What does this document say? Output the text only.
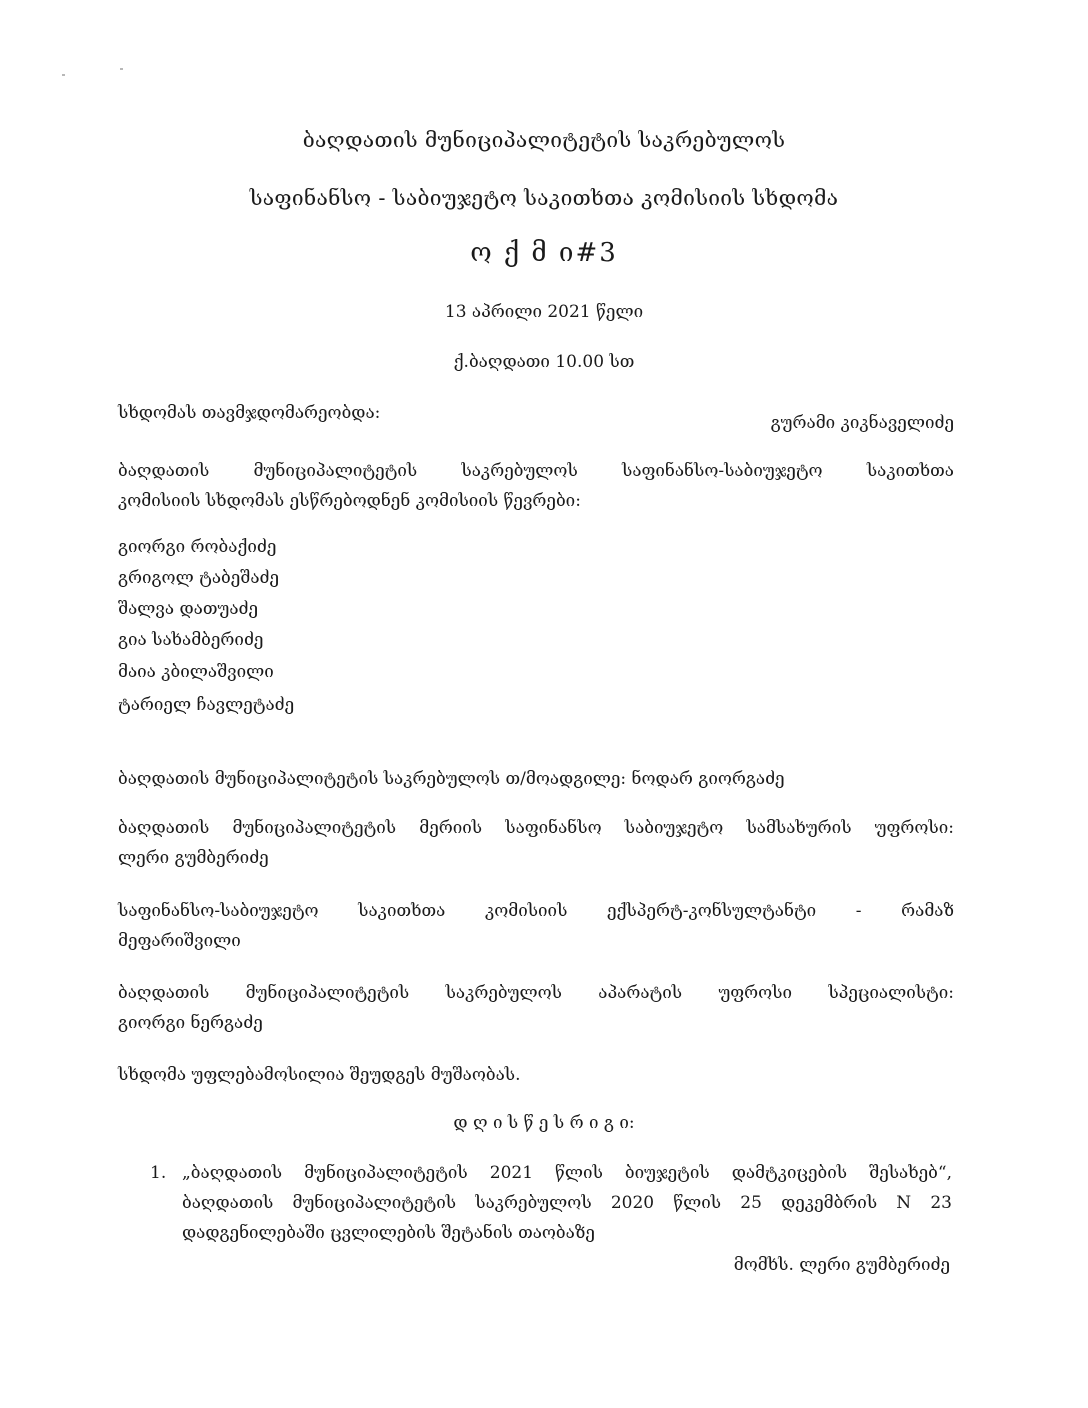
ბაღდათის მუნიციპალიტეტის საკრებულოს
საფინანსო - საბიუჯეტო საკითხთა კომისიის სხდომა
ო ქ მ ი#3
13 აპრილი 2021 წელი
ქ.ბაღდათი 10.00 სთ
სხდომას თავმჯდომარეობდა:	გურამი კიკნაველიძე
ბაღდათის მუნიციპალიტეტის საკრებულოს საფინანსო-საბიუჯეტო საკითხთა
კომისიის სხდომას ესწრებოდნენ კომისიის წევრები:
გიორგი რობაქიძე
გრიგოლ ტაბეშაძე
შალვა დათუაძე
გია სახამბერიძე
მაია კბილაშვილი
ტარიელ ჩავლეტაძე
ბაღდათის მუნიციპალიტეტის საკრებულოს თ/მოადგილე: ნოდარ გიორგაძე
ბაღდათის მუნიციპალიტეტის მერიის საფინანსო საბიუჯეტო სამსახურის უფროსი:
ლერი გუმბერიძე
საფინანსო-საბიუჯეტო საკითხთა კომისიის ექსპერტ-კონსულტანტი - რამაზ
მეფარიშვილი
ბაღდათის მუნიციპალიტეტის საკრებულოს აპარატის უფროსი სპეციალისტი:
გიორგი ნერგაძე
სხდომა უფლებამოსილია შეუდგეს მუშაობას.
დ ღ ი ს წ ე ს რ ი გ ი:
1. „ბაღდათის მუნიციპალიტეტის 2021 წლის ბიუჯეტის დამტკიცების შესახებ“,
ბაღდათის მუნიციპალიტეტის საკრებულოს 2020 წლის 25 დეკემბრის N 23
დადგენილებაში ცვლილების შეტანის თაობაზე
მომხს. ლერი გუმბერიძე
